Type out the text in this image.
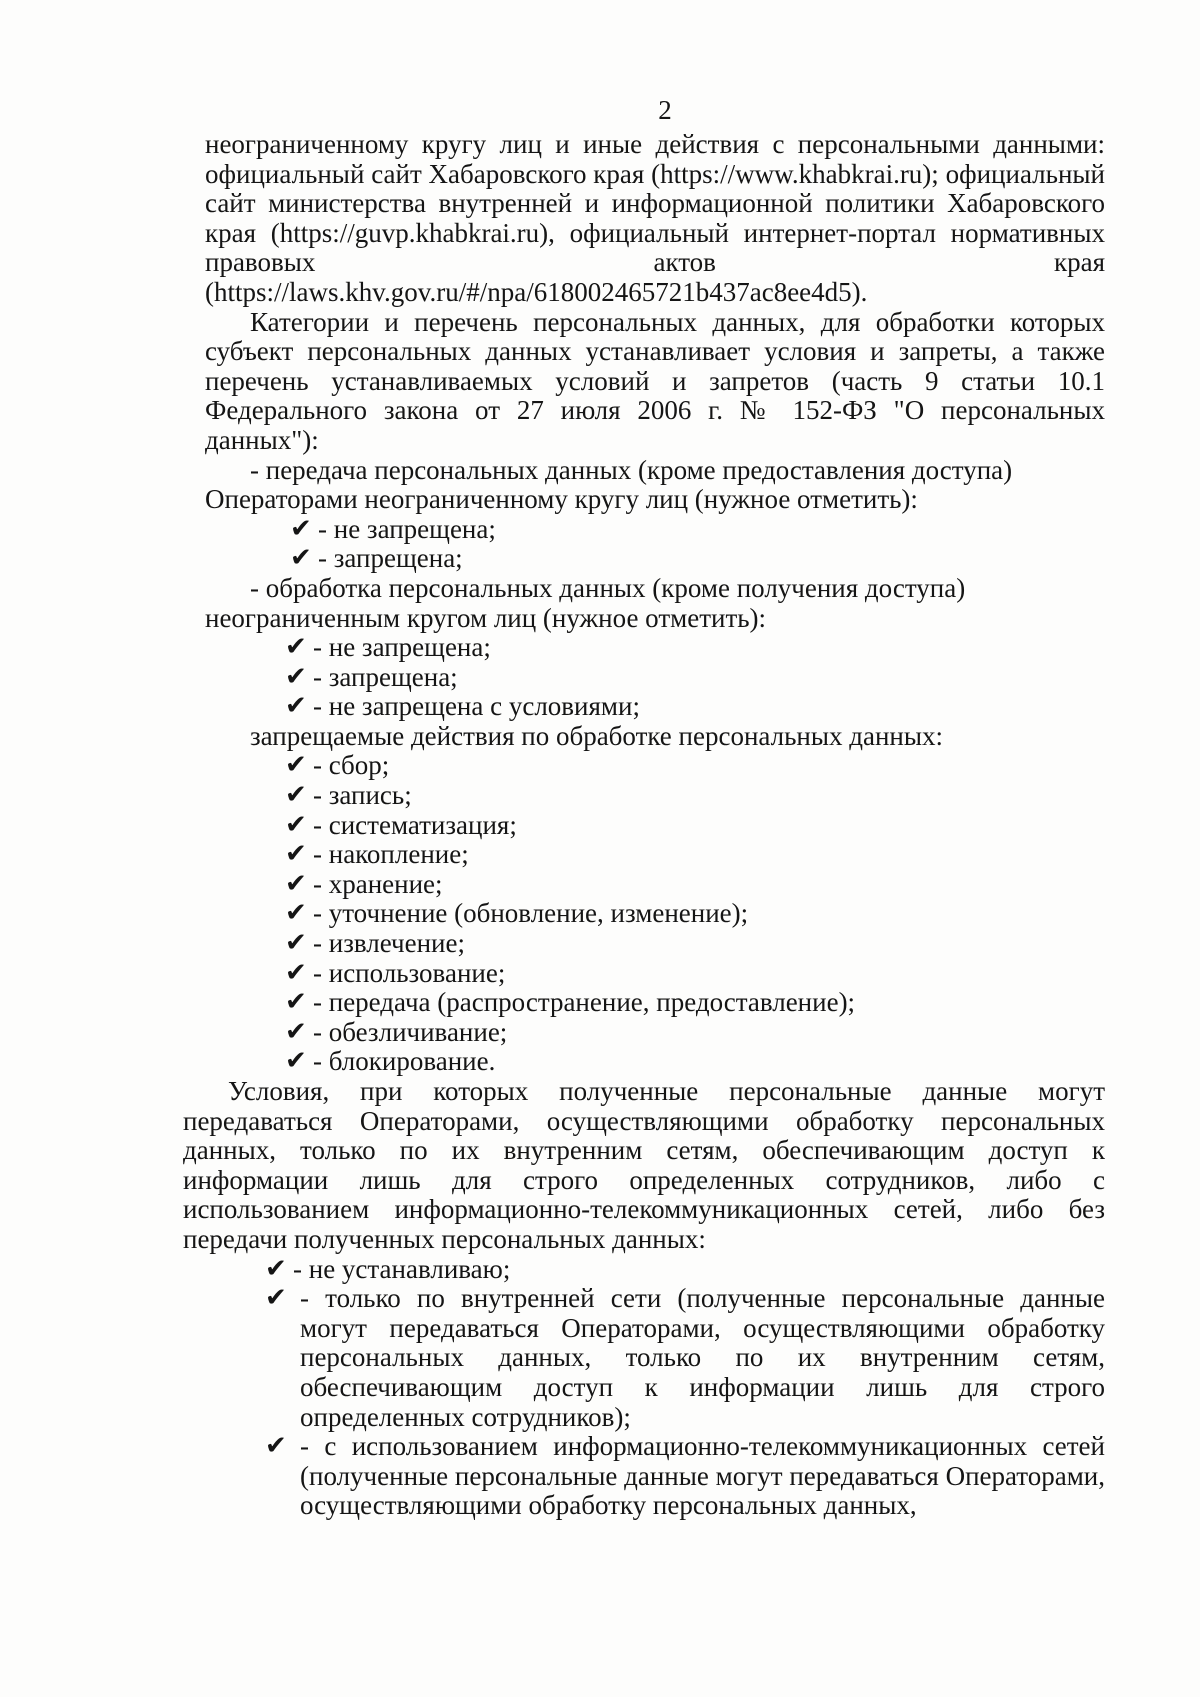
2

неограниченному кругу лиц и иные действия с персональными данными: официальный сайт Хабаровского края (https://www.khabkrai.ru); официальный сайт министерства внутренней и информационной политики Хабаровского края (https://guvp.khabkrai.ru), официальный интернет-портал нормативных правовых актов края (https://laws.khv.gov.ru/#/npa/618002465721b437ac8ee4d5).

Категории и перечень персональных данных, для обработки которых субъект персональных данных устанавливает условия и запреты, а также перечень устанавливаемых условий и запретов (часть 9 статьи 10.1 Федерального закона от 27 июля 2006 г. № 152-ФЗ "О персональных данных"):

- передача персональных данных (кроме предоставления доступа)

Операторами неограниченному кругу лиц (нужное отметить):

✔ - не запрещена;
✔ - запрещена;

- обработка персональных данных (кроме получения доступа)

неограниченным кругом лиц (нужное отметить):

✔ - не запрещена;
✔ - запрещена;
✔ - не запрещена с условиями;

запрещаемые действия по обработке персональных данных:

✔ - сбор;
✔ - запись;
✔ - систематизация;
✔ - накопление;
✔ - хранение;
✔ - уточнение (обновление, изменение);
✔ - извлечение;
✔ - использование;
✔ - передача (распространение, предоставление);
✔ - обезличивание;
✔ - блокирование.

Условия, при которых полученные персональные данные могут передаваться Операторами, осуществляющими обработку персональных данных, только по их внутренним сетям, обеспечивающим доступ к информации лишь для строго определенных сотрудников, либо с использованием информационно-телекоммуникационных сетей, либо без передачи полученных персональных данных:

✔ - не устанавливаю;
✔ - только по внутренней сети (полученные персональные данные могут передаваться Операторами, осуществляющими обработку персональных данных, только по их внутренним сетям, обеспечивающим доступ к информации лишь для строго определенных сотрудников);
✔ - с использованием информационно-телекоммуникационных сетей (полученные персональные данные могут передаваться Операторами, осуществляющими обработку персональных данных,
